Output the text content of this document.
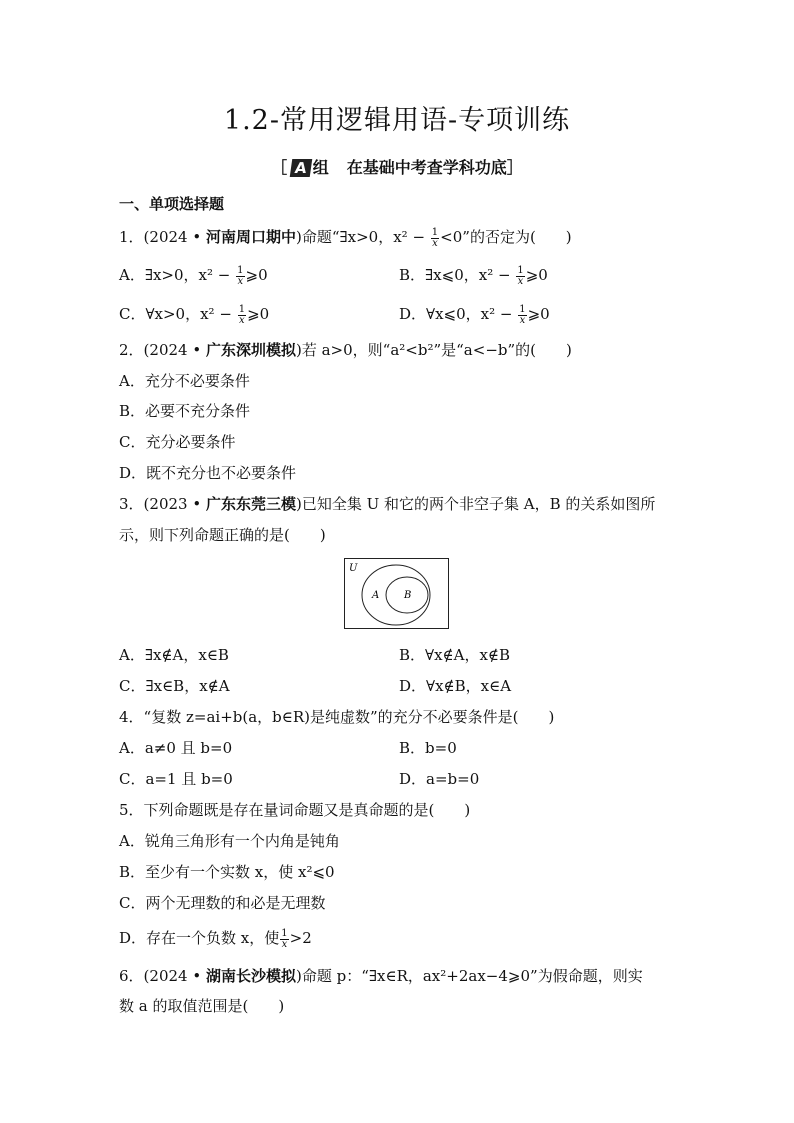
1.2-常用逻辑用语-专项训练
［ A 组 在基础中考查学科功底］
一、单项选择题
1．(2024 • 河南周口期中)命题“∃x>0，$x^2 - \frac{1}{x} <0$”的否定为(　　)
A．∃x>0，$x^2 - \frac{1}{x}$ ⩾0	B．∃x⩽0，$x^2 - \frac{1}{x}$ ⩾0
C．∀x>0，$x^2 - \frac{1}{x}$ ⩾0	D．∀x⩽0，$x^2 - \frac{1}{x}$ ⩾0
2．(2024 • 广东深圳模拟)若 a>0，则“a²<b²”是“a<−b”的(　　)
A．充分不必要条件
B．必要不充分条件
C．充分必要条件
D．既不充分也不必要条件
3．(2023 • 广东东莞三模)已知全集 U 和它的两个非空子集 A，B 的关系如图所
示，则下列命题正确的是(　　)
U
A B
A．∃x∉A，x∈B	B．∀x∉A，x∉B
C．∃x∈B，x∉A	D．∀x∉B，x∈A
4．“复数 z=ai+b(a，b∈R)是纯虚数”的充分不必要条件是(　　)
A．a≠0 且 b=0	B．b=0
C．a=1 且 b=0	D．a=b=0
5．下列命题既是存在量词命题又是真命题的是(　　)
A．锐角三角形有一个内角是钝角
B．至少有一个实数 x，使 x²⩽0
C．两个无理数的和必是无理数
D．存在一个负数 x，使 $\frac{1}{x} >2$
6．(2024 • 湖南长沙模拟)命题 p：“∃x∈R，ax²+2ax−4⩾0”为假命题，则实
数 a 的取值范围是(　　)
